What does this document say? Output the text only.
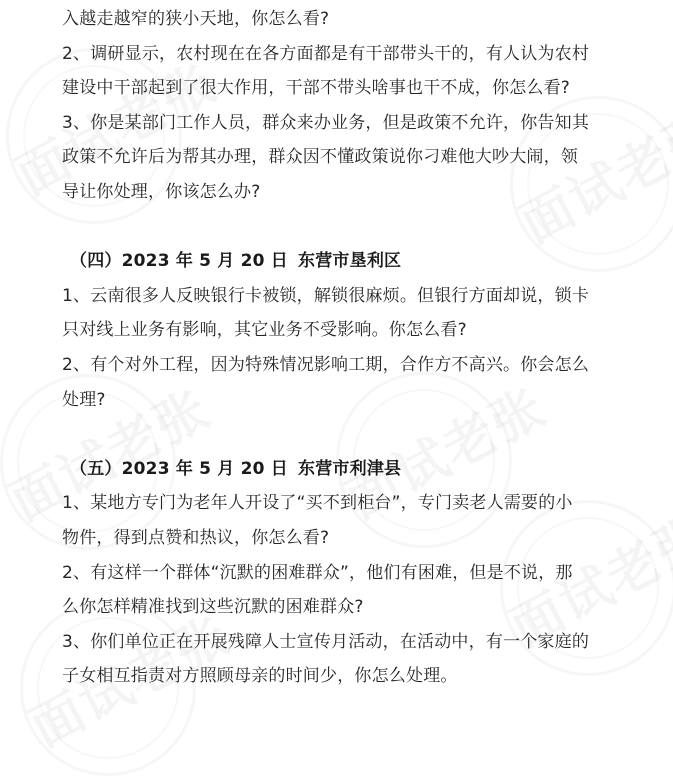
入越走越窄的狭小天地，你怎么看?
2、调研显示，农村现在在各方面都是有干部带头干的，有人认为农村
建设中干部起到了很大作用，干部不带头啥事也干不成，你怎么看?
3、你是某部门工作人员，群众来办业务，但是政策不允许，你告知其
政策不允许后为帮其办理，群众因不懂政策说你刁难他大吵大闹，领
导让你处理，你该怎么办?
（四）2023 年 5 月 20 日 东营市垦利区
1、云南很多人反映银行卡被锁，解锁很麻烦。但银行方面却说，锁卡
只对线上业务有影响，其它业务不受影响。你怎么看?
2、有个对外工程，因为特殊情况影响工期，合作方不高兴。你会怎么
处理?
（五）2023 年 5 月 20 日 东营市利津县
1、某地方专门为老年人开设了“买不到柜台”，专门卖老人需要的小
物件，得到点赞和热议，你怎么看?
2、有这样一个群体“沉默的困难群众”，他们有困难，但是不说，那
么你怎样精准找到这些沉默的困难群众?
3、你们单位正在开展残障人士宣传月活动，在活动中，有一个家庭的
子女相互指责对方照顾母亲的时间少，你怎么处理。
